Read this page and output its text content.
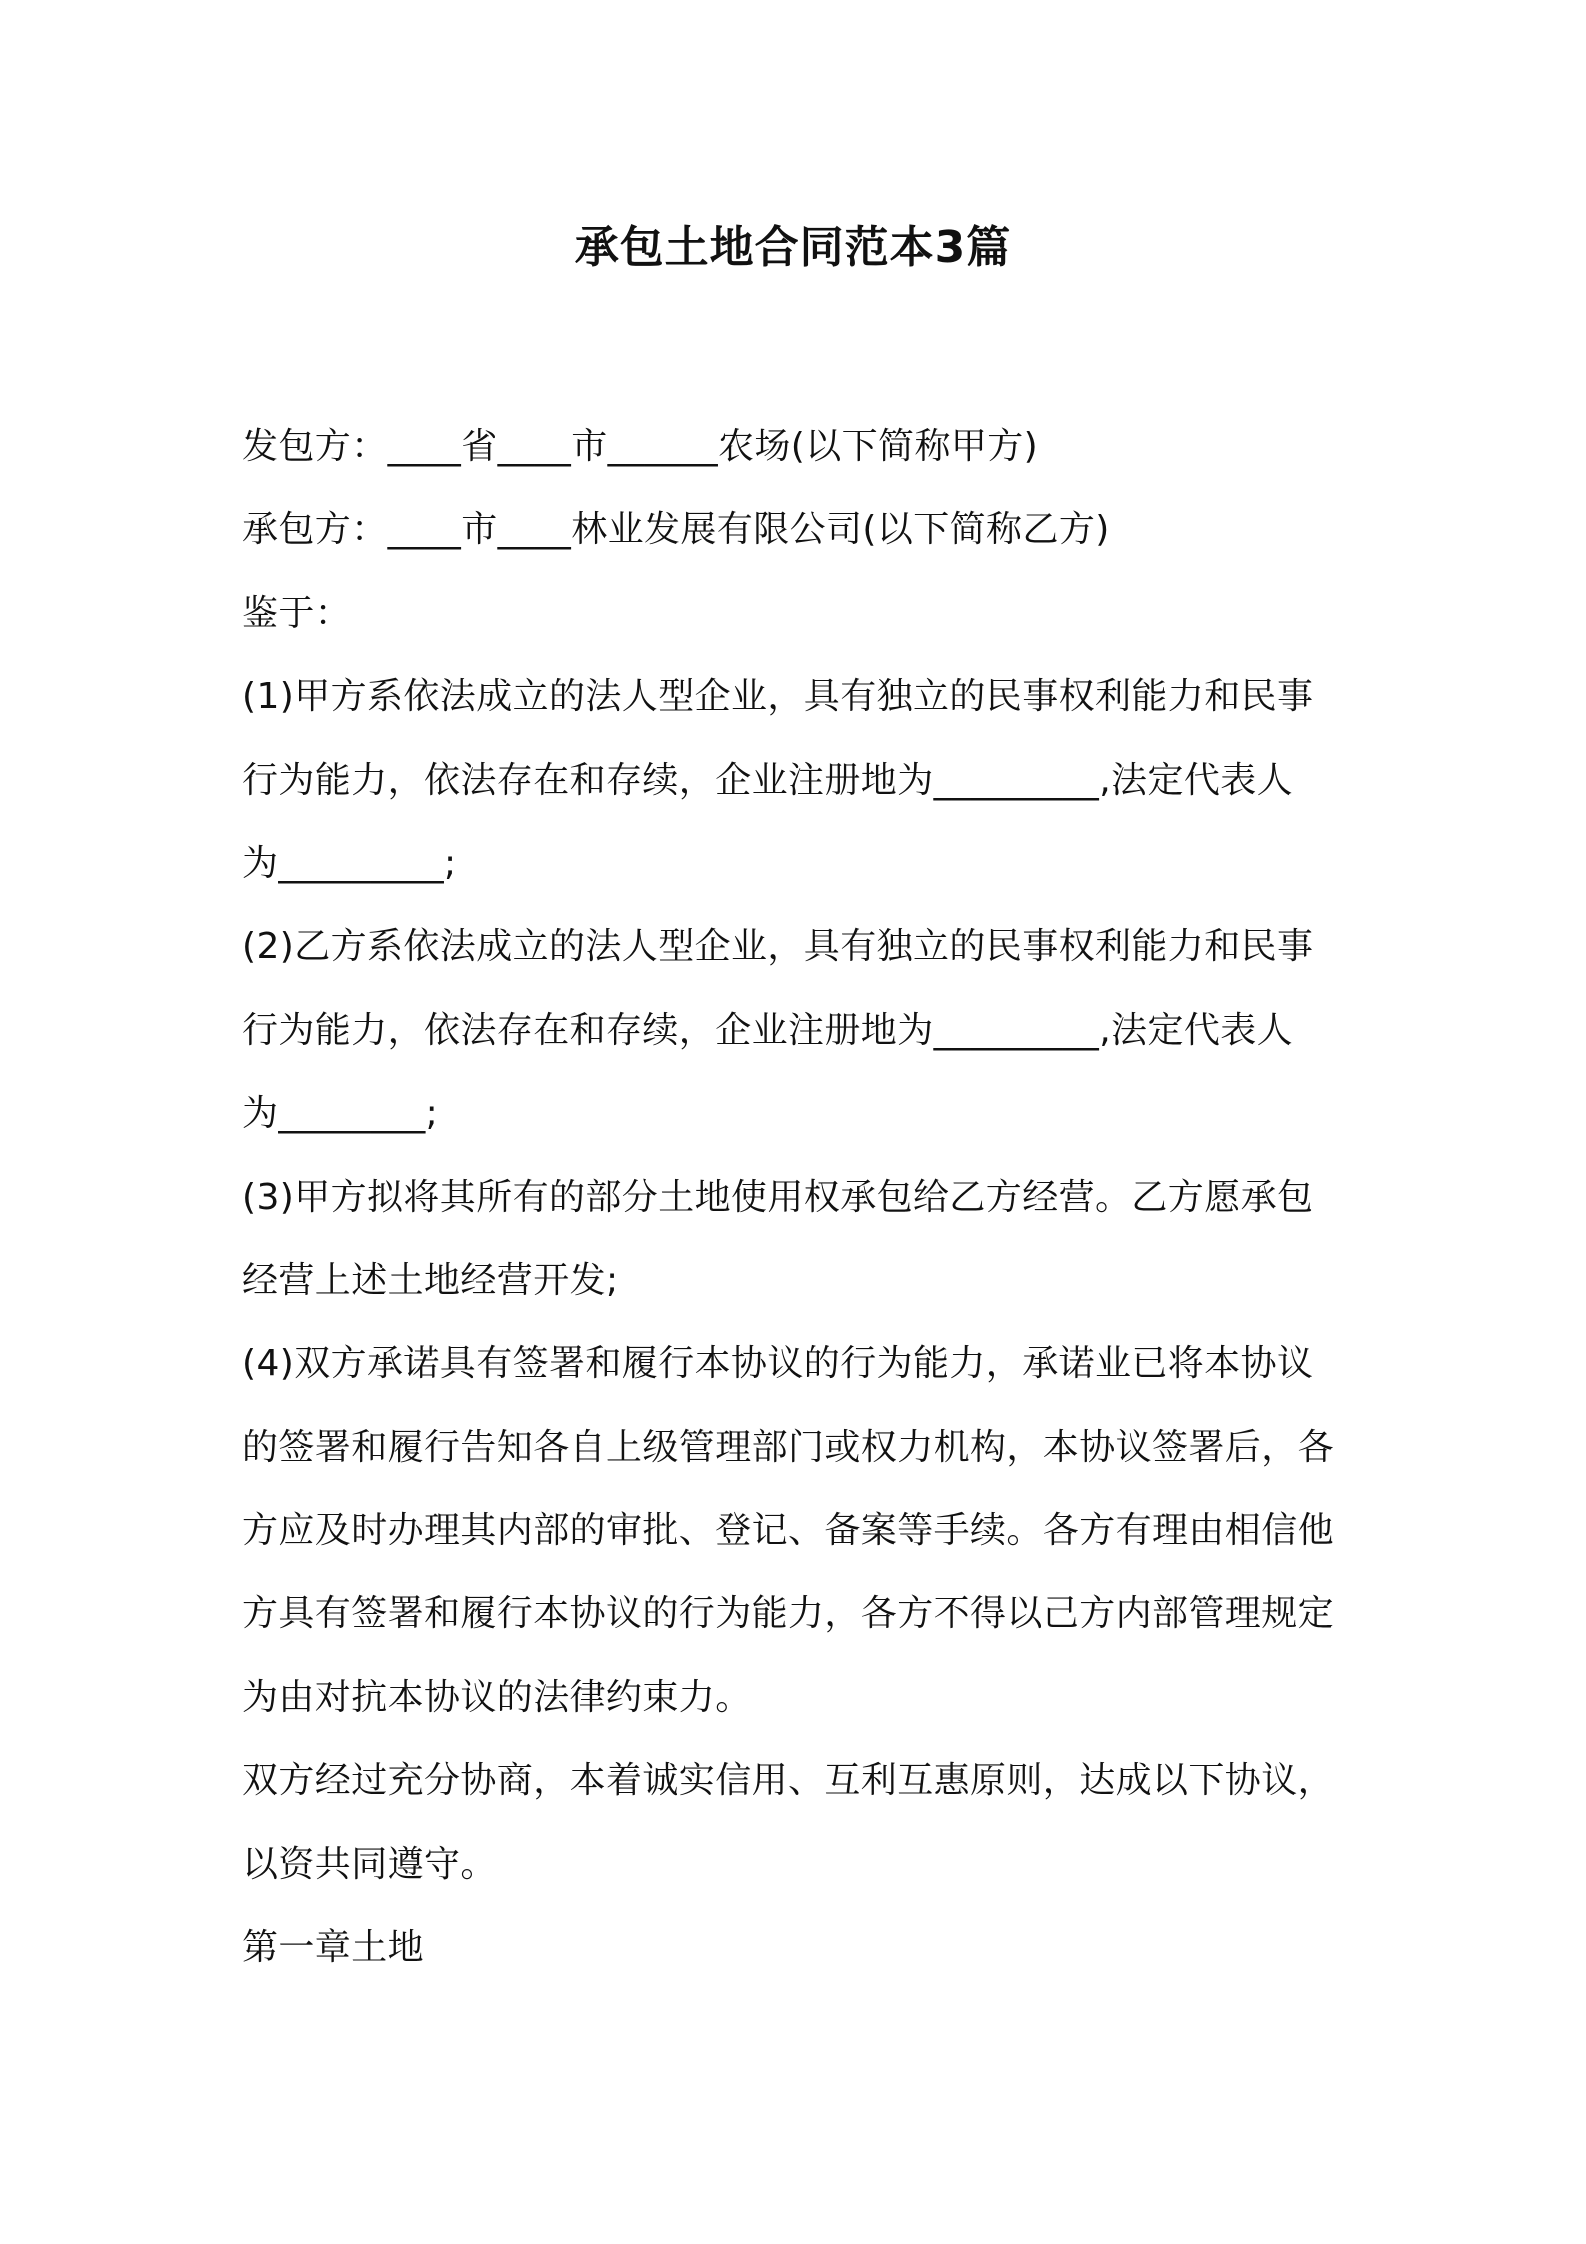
承包土地合同范本3篇
发包方：____省____市______农场(以下简称甲方)
承包方：____市____林业发展有限公司(以下简称乙方)
鉴于：
(1)甲方系依法成立的法人型企业，具有独立的民事权利能力和民事
行为能力，依法存在和存续，企业注册地为_________,法定代表人
为_________;
(2)乙方系依法成立的法人型企业，具有独立的民事权利能力和民事
行为能力，依法存在和存续，企业注册地为_________,法定代表人
为________;
(3)甲方拟将其所有的部分土地使用权承包给乙方经营。乙方愿承包
经营上述土地经营开发;
(4)双方承诺具有签署和履行本协议的行为能力，承诺业已将本协议
的签署和履行告知各自上级管理部门或权力机构，本协议签署后，各
方应及时办理其内部的审批、登记、备案等手续。各方有理由相信他
方具有签署和履行本协议的行为能力，各方不得以己方内部管理规定
为由对抗本协议的法律约束力。
双方经过充分协商，本着诚实信用、互利互惠原则，达成以下协议，
以资共同遵守。
第一章土地
